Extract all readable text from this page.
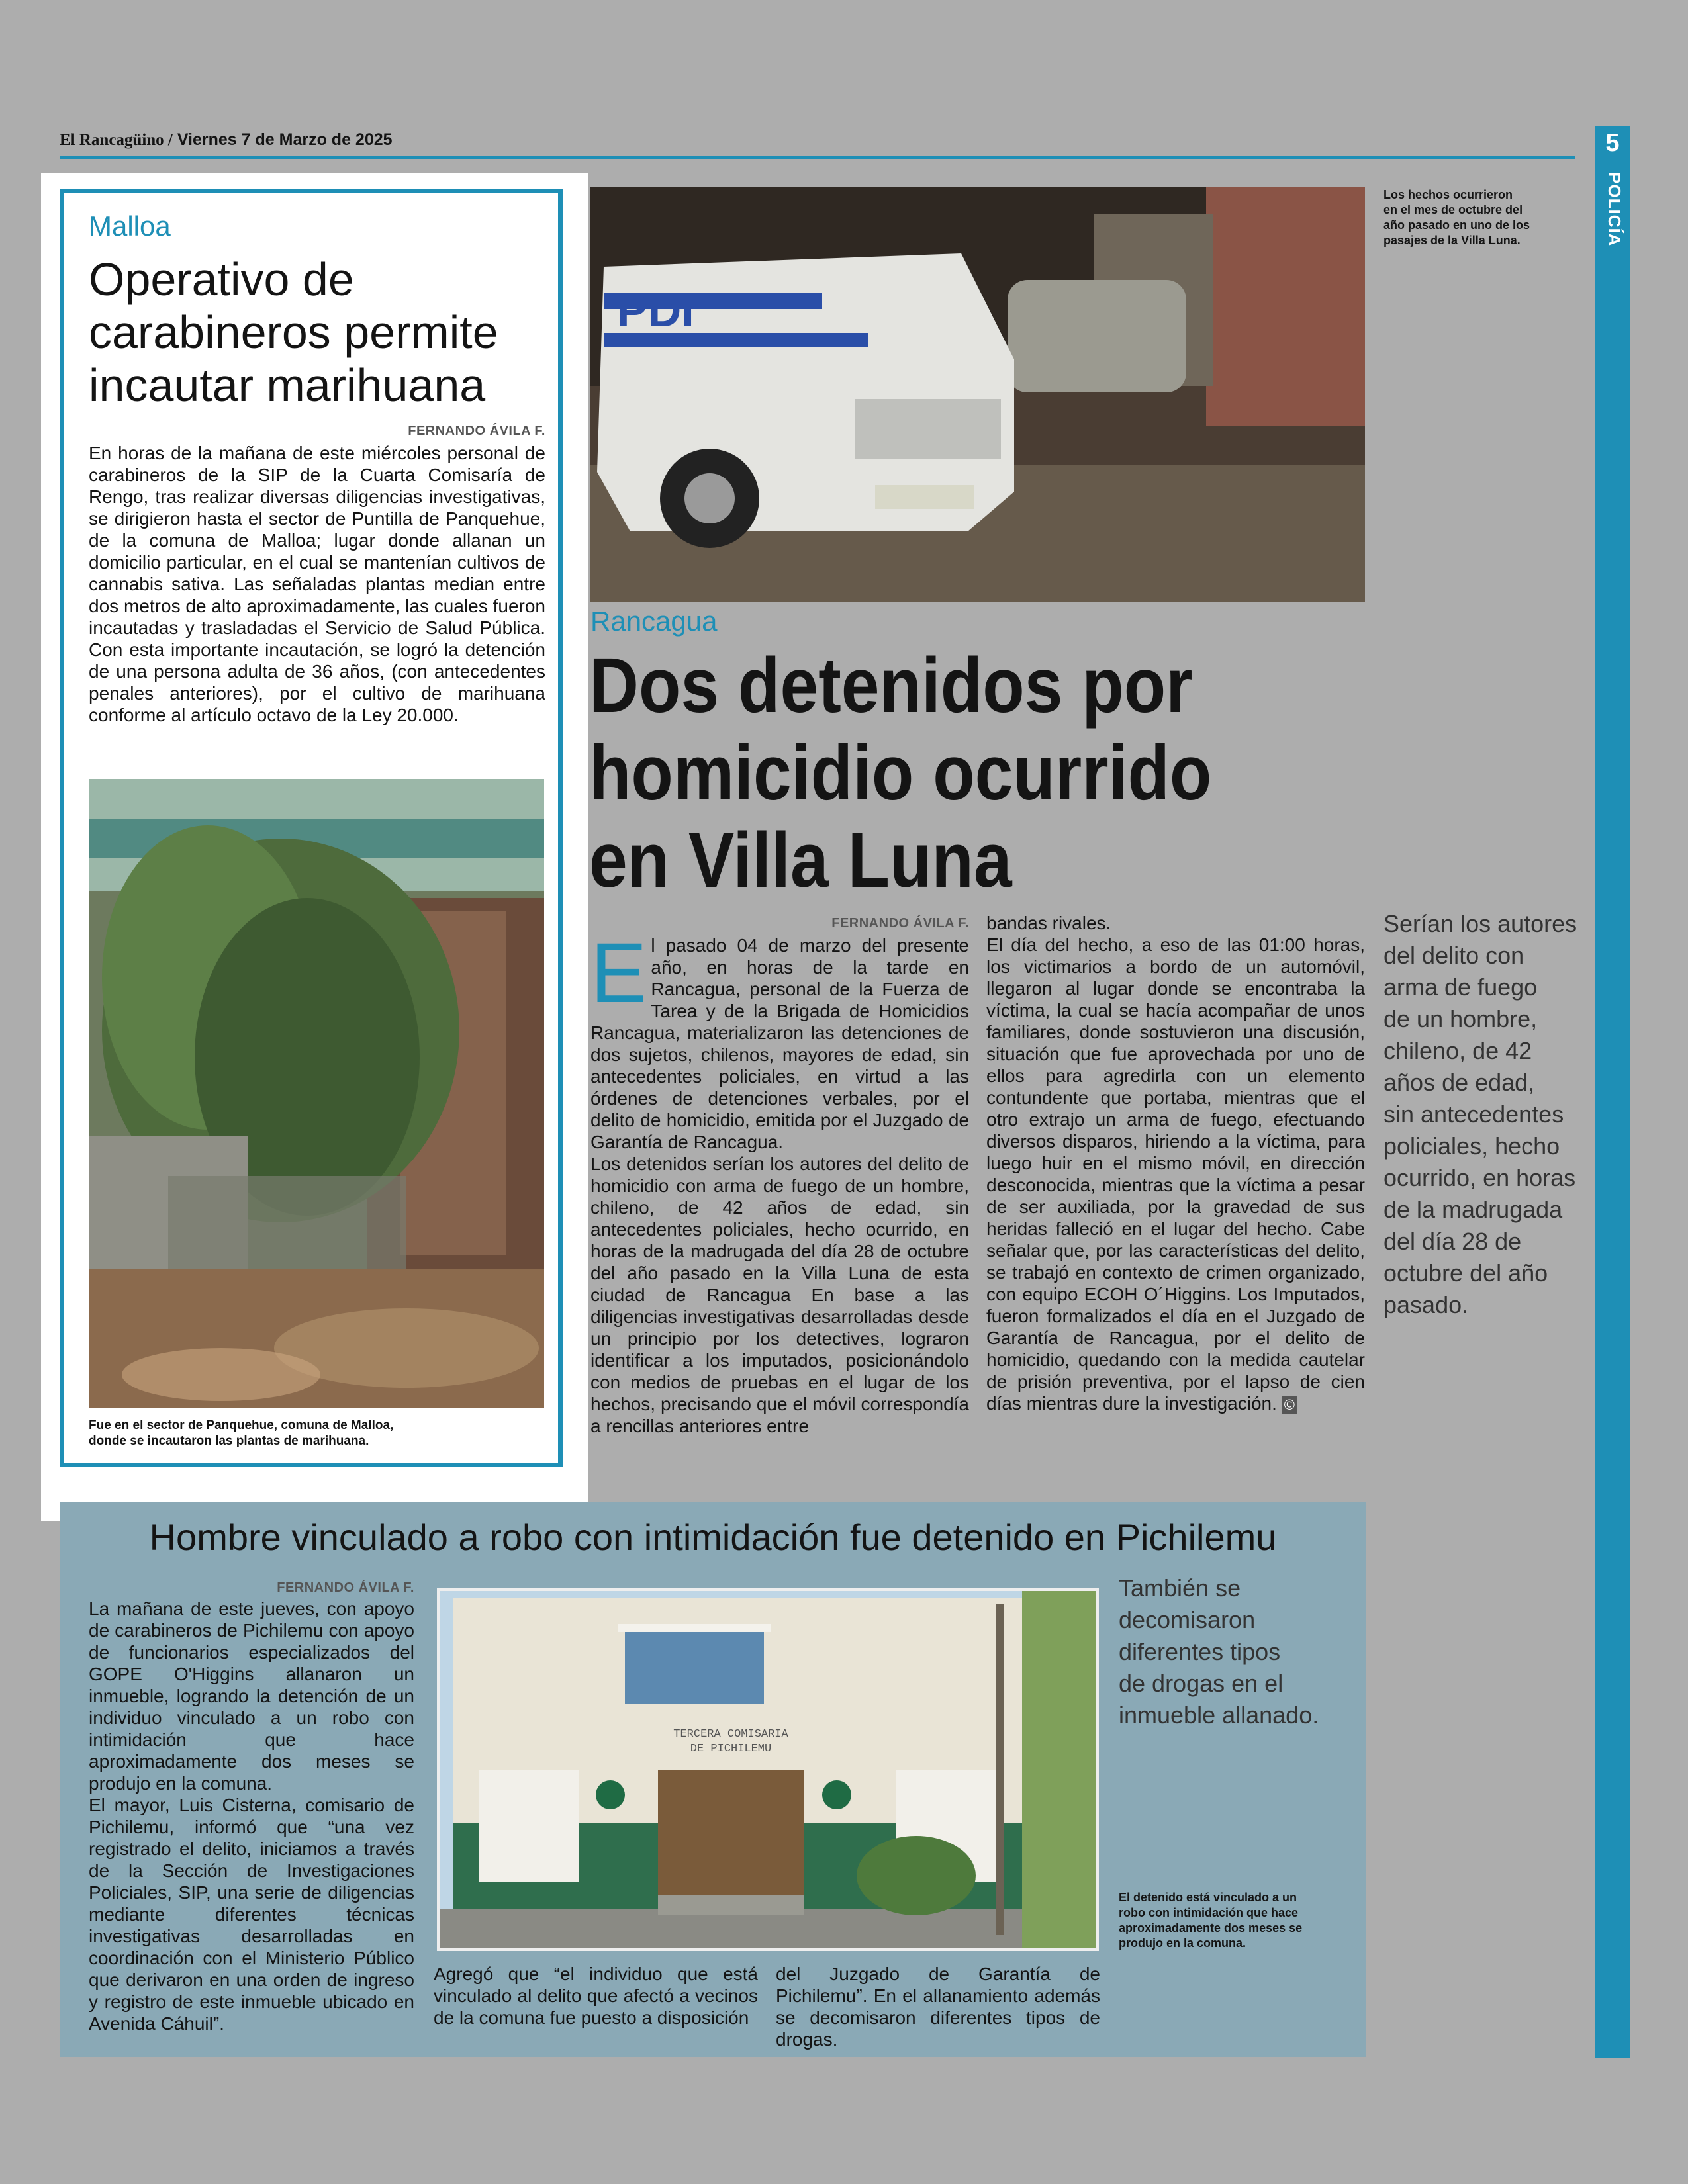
El Rancagüino / Viernes 7 de Marzo de 2025	5
POLICÍA
Malloa
Operativo de
carabineros permite
incautar marihuana
FERNANDO ÁVILA F.

En horas de la mañana de este miércoles personal de carabineros de la SIP de la Cuarta Comisaría de Rengo, tras realizar diversas diligencias investigativas, se dirigieron hasta el sector de Puntilla de Panquehue, de la comuna de Malloa; lugar donde allanan un domicilio particular, en el cual se mantenían cultivos de cannabis sativa. Las señaladas plantas median entre dos metros de alto aproximadamente, las cuales fueron incautadas y trasladadas el Servicio de Salud Pública. Con esta importante incautación, se logró la detención de una persona adulta de 36 años, (con antecedentes penales anteriores), por el cultivo de marihuana conforme al artículo octavo de la Ley 20.000.

Fue en el sector de Panquehue, comuna de Malloa,
donde se incautaron las plantas de marihuana.
PDI
Los hechos ocurrieron
en el mes de octubre del
año pasado en uno de los
pasajes de la Villa Luna.
Rancagua
Dos detenidos por
homicidio ocurrido
en Villa Luna
FERNANDO ÁVILA F.

El pasado 04 de marzo del presente año, en horas de la tarde en Rancagua, personal de la Fuerza de Tarea y de la Brigada de Homicidios Rancagua, materializaron las detenciones de dos sujetos, chilenos, mayores de edad, sin antecedentes policiales, en virtud a las órdenes de detenciones verbales, por el delito de homicidio, emitida por el Juzgado de Garantía de Rancagua.

Los detenidos serían los autores del delito de homicidio con arma de fuego de un hombre, chileno, de 42 años de edad, sin antecedentes policiales, hecho ocurrido, en horas de la madrugada del día 28 de octubre del año pasado en la Villa Luna de esta ciudad de Rancagua En base a las diligencias investigativas desarrolladas desde un principio por los detectives, lograron identificar a los imputados, posicionándolo con medios de pruebas en el lugar de los hechos, precisando que el móvil correspondía a rencillas anteriores entre

bandas rivales.

El día del hecho, a eso de las 01:00 horas, los victimarios a bordo de un automóvil, llegaron al lugar donde se encontraba la víctima, la cual se hacía acompañar de unos familiares, donde sostuvieron una discusión, situación que fue aprovechada por uno de ellos para agredirla con un elemento contundente que portaba, mientras que el otro extrajo un arma de fuego, efectuando diversos disparos, hiriendo a la víctima, para luego huir en el mismo móvil, en dirección desconocida, mientras que la víctima a pesar de ser auxiliada, por la gravedad de sus heridas falleció en el lugar del hecho. Cabe señalar que, por las características del delito, se trabajó en contexto de crimen organizado, con equipo ECOH O´Higgins. Los Imputados, fueron formalizados el día en el Juzgado de Garantía de Rancagua, por el delito de homicidio, quedando con la medida cautelar de prisión preventiva, por el lapso de cien días mientras dure la investigación. ©

Serían los autores
del delito con
arma de fuego
de un hombre,
chileno, de 42
años de edad,
sin antecedentes
policiales, hecho
ocurrido, en horas
de la madrugada
del día 28 de
octubre del año
pasado.
Hombre vinculado a robo con intimidación fue detenido en Pichilemu
FERNANDO ÁVILA F.

La mañana de este jueves, con apoyo de carabineros de Pichilemu con apoyo de funcionarios especializados del GOPE O'Higgins allanaron un inmueble, logrando la detención de un individuo vinculado a un robo con intimidación que hace aproximadamente dos meses se produjo en la comuna.

El mayor, Luis Cisterna, comisario de Pichilemu, informó que “una vez registrado el delito, iniciamos a través de la Sección de Investigaciones Policiales, SIP, una serie de diligencias mediante diferentes técnicas investigativas desarrolladas en coordinación con el Ministerio Público que derivaron en una orden de ingreso y registro de este inmueble ubicado en Avenida Cáhuil”.

TERCERA COMISARIA
DE PICHILEMU

Agregó que “el individuo que está vinculado al delito que afectó a vecinos de la comuna fue puesto a disposición

del Juzgado de Garantía de Pichilemu”. En el allanamiento además se decomisaron diferentes tipos de drogas.

También se
decomisaron
diferentes tipos
de drogas en el
inmueble allanado.
El detenido está vinculado a un
robo con intimidación que hace
aproximadamente dos meses se
produjo en la comuna.
